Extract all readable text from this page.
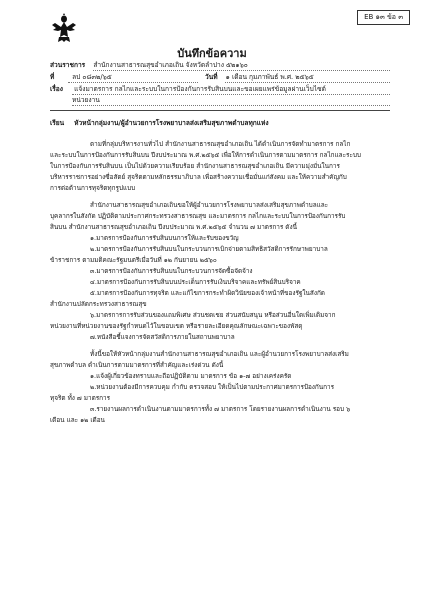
EB ๑๓ ข้อ ๓
บันทึกข้อความ
ส่วนราชการ สำนักงานสาธารณสุขอำเภอเถิน จังหวัดลำปาง ๕๒๑๖๐
ที่	ลป ๐๘๓๒/๖๕	วันที่ ๑ เดือน กุมภาพันธ์ พ.ศ. ๒๕๖๕
เรื่อง แจ้งมาตรการ กลไกและระบบในการป้องกันการรับสินบนและขอเผยแพร่ข้อมูลผ่านเว็บไซต์
หน่วยงาน
เรียน หัวหน้ากลุ่มงาน/ผู้อำนวยการโรงพยาบาลส่งเสริมสุขภาพตำบลทุกแห่ง

ตามที่กลุ่มบริหารงานทั่วไป สำนักงานสาธารณสุขอำเภอเถิน ได้ดำเนินการจัดทำมาตรการ กลไก

และระบบในการป้องกันการรับสินบน ปีงบประมาณ พ.ศ.๒๕๖๕ เพื่อให้การดำเนินการตามมาตรการ กลไกและระบบ

ในการป้องกันการรับสินบน เป็นไปด้วยความเรียบร้อย สำนักงานสาธารณสุขอำเภอเถิน มีความมุ่งมั่นในการ

บริหารราชการอย่างซื่อสัตย์ สุจริตตามหลักธรรมาภิบาล เพื่อสร้างความเชื่อมั่นแก่สังคม และให้ความสำคัญกับ

การต่อต้านการทุจริตทุกรูปแบบ

สำนักงานสาธารณสุขอำเภอเถินขอให้ผู้อำนวยการโรงพยาบาลส่งเสริมสุขภาพตำบลและ

บุคลากรในสังกัด ปฏิบัติตามประกาศกระทรวงสาธารณสุข และมาตรการ กลไกและระบบในการป้องกันการรับ

สินบน สำนักงานสาธารณสุขอำเภอเถิน ปีงบประมาณ พ.ศ.๒๕๖๕ จำนวน ๗ มาตรการ ดังนี้

๑.มาตรการป้องกันการรับสินบนการให้และรับของขวัญ

๒.มาตรการป้องกันการรับสินบนในกระบวนการเบิกจ่ายตามสิทธิสวัสดิการรักษาพยาบาล

ข้าราชการ ตามมติคณะรัฐมนตรีเมื่อวันที่ ๑๒ กันยายน ๒๕๖๐

๓.มาตรการป้องกันการรับสินบนในกระบวนการจัดซื้อจัดจ้าง

๔.มาตรการป้องกันการรับสินบนประเด็นการรับเงินบริจาคและทรัพย์สินบริจาค

๕.มาตรการป้องกันการทุจริต และแก้ไขการกระทำผิดวินัยของเจ้าหน้าที่ของรัฐในสังกัด

สำนักงานปลัดกระทรวงสาธารณสุข

๖.มาตรการการรับส่วนของแถมพิเศษ ส่วนชดเชย ส่วนสนับสนุน หรือส่วนอื่นใดเพิ่มเติมจาก

หน่วยงานที่หน่วยงานของรัฐกำหนดไว้ในขอบเขต หรือรายละเอียดคุณลักษณะเฉพาะของพัสดุ

๗.หนังสือชี้แจงการจัดสวัสดิการภายในสถานพยาบาล

ทั้งนี้ขอให้หัวหน้ากลุ่มงานสำนักงานสาธารณสุขอำเภอเถิน และผู้อำนวยการโรงพยาบาลส่งเสริม

สุขภาพตำบล ดำเนินการตามมาตรการที่สำคัญและเร่งด่วน ดังนี้

๑.แจ้งผู้เกี่ยวข้องทราบและถือปฏิบัติตาม มาตรการ ข้อ ๑-๗ อย่างเคร่งครัด

๒.หน่วยงานต้องมีการควบคุม กำกับ ตรวจสอบ ให้เป็นไปตามประกาศมาตรการป้องกันการ

ทุจริต ทั้ง ๗ มาตรการ

๓.รายงานผลการดำเนินงานตามมาตรการทั้ง ๗ มาตรการ โดยรายงานผลการดำเนินงาน รอบ ๖

เดือน และ ๑๒ เดือน
